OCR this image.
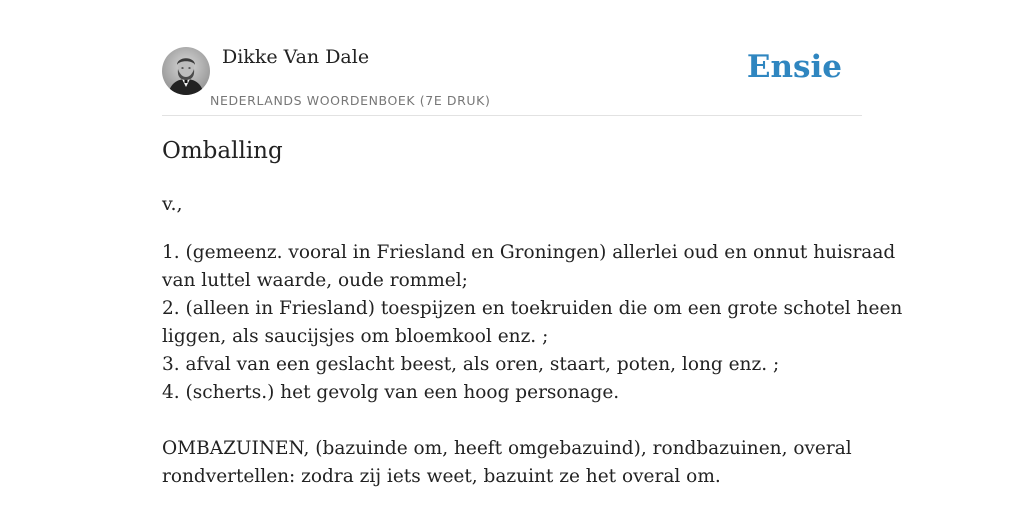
Dikke Van Dale
NEDERLANDS WOORDENBOEK (7E DRUK)
Ensie
Omballing
v.,
1. (gemeenz. vooral in Friesland en Groningen) allerlei oud en onnut huisraad
van luttel waarde, oude rommel;
2. (alleen in Friesland) toespijzen en toekruiden die om een grote schotel heen
liggen, als saucijsjes om bloemkool enz. ;
3. afval van een geslacht beest, als oren, staart, poten, long enz. ;
4. (scherts.) het gevolg van een hoog personage.
OMBAZUINEN, (bazuinde om, heeft omgebazuind), rondbazuinen, overal
rondvertellen: zodra zij iets weet, bazuint ze het overal om.
